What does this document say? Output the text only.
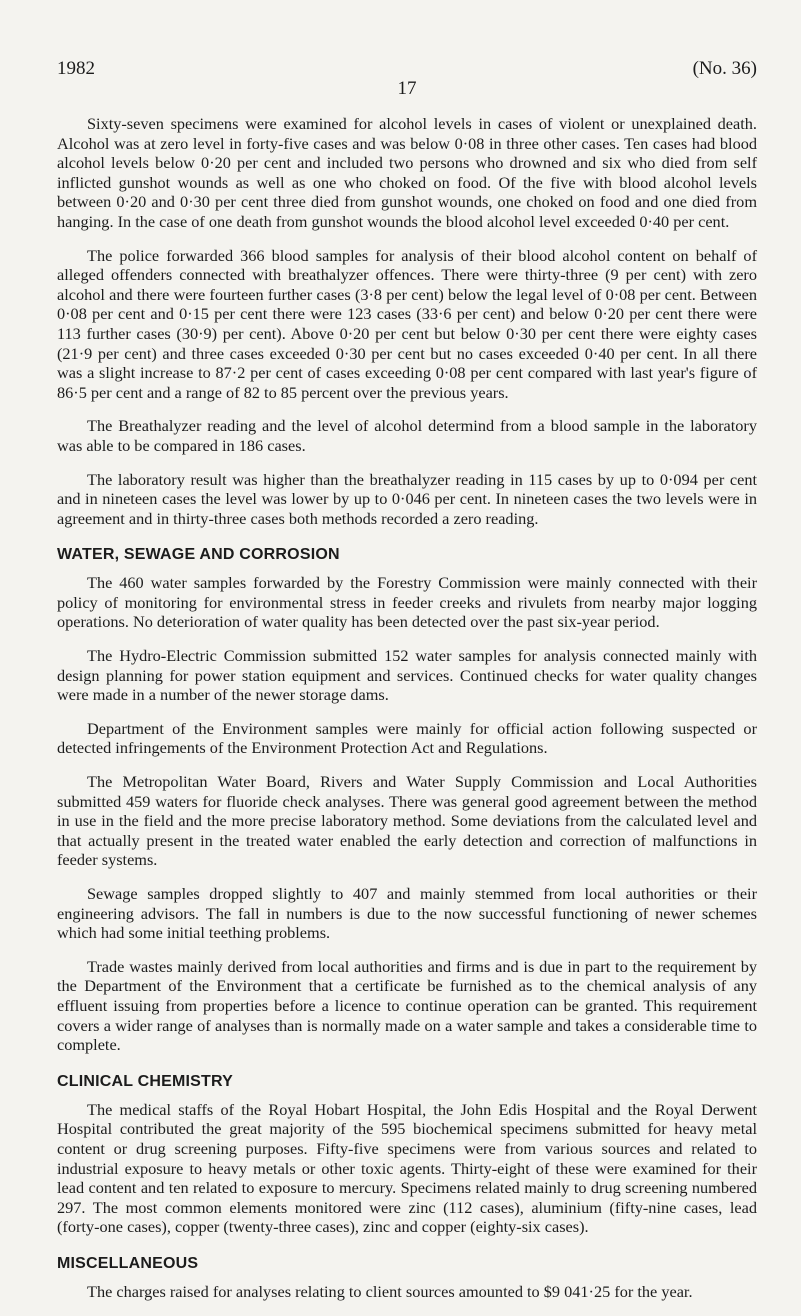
1982
17
(No. 36)

Sixty-seven specimens were examined for alcohol levels in cases of violent or unexplained death. Alcohol was at zero level in forty-five cases and was below 0·08 in three other cases. Ten cases had blood alcohol levels below 0·20 per cent and included two persons who drowned and six who died from self inflicted gunshot wounds as well as one who choked on food. Of the five with blood alcohol levels between 0·20 and 0·30 per cent three died from gunshot wounds, one choked on food and one died from hanging. In the case of one death from gunshot wounds the blood alcohol level exceeded 0·40 per cent.

The police forwarded 366 blood samples for analysis of their blood alcohol content on behalf of alleged offenders connected with breathalyzer offences. There were thirty-three (9 per cent) with zero alcohol and there were fourteen further cases (3·8 per cent) below the legal level of 0·08 per cent. Between 0·08 per cent and 0·15 per cent there were 123 cases (33·6 per cent) and below 0·20 per cent there were 113 further cases (30·9) per cent). Above 0·20 per cent but below 0·30 per cent there were eighty cases (21·9 per cent) and three cases exceeded 0·30 per cent but no cases exceeded 0·40 per cent. In all there was a slight increase to 87·2 per cent of cases exceeding 0·08 per cent compared with last year's figure of 86·5 per cent and a range of 82 to 85 percent over the previous years.

The Breathalyzer reading and the level of alcohol determind from a blood sample in the laboratory was able to be compared in 186 cases.

The laboratory result was higher than the breathalyzer reading in 115 cases by up to 0·094 per cent and in nineteen cases the level was lower by up to 0·046 per cent. In nineteen cases the two levels were in agreement and in thirty-three cases both methods recorded a zero reading.

WATER, SEWAGE AND CORROSION

The 460 water samples forwarded by the Forestry Commission were mainly connected with their policy of monitoring for environmental stress in feeder creeks and rivulets from nearby major logging operations. No deterioration of water quality has been detected over the past six-year period.

The Hydro-Electric Commission submitted 152 water samples for analysis connected mainly with design planning for power station equipment and services. Continued checks for water quality changes were made in a number of the newer storage dams.

Department of the Environment samples were mainly for official action following suspected or detected infringements of the Environment Protection Act and Regulations.

The Metropolitan Water Board, Rivers and Water Supply Commission and Local Authorities submitted 459 waters for fluoride check analyses. There was general good agreement between the method in use in the field and the more precise laboratory method. Some deviations from the calculated level and that actually present in the treated water enabled the early detection and correction of malfunctions in feeder systems.

Sewage samples dropped slightly to 407 and mainly stemmed from local authorities or their engineering advisors. The fall in numbers is due to the now successful functioning of newer schemes which had some initial teething problems.

Trade wastes mainly derived from local authorities and firms and is due in part to the requirement by the Department of the Environment that a certificate be furnished as to the chemical analysis of any effluent issuing from properties before a licence to continue operation can be granted. This requirement covers a wider range of analyses than is normally made on a water sample and takes a considerable time to complete.

CLINICAL CHEMISTRY

The medical staffs of the Royal Hobart Hospital, the John Edis Hospital and the Royal Derwent Hospital contributed the great majority of the 595 biochemical specimens submitted for heavy metal content or drug screening purposes. Fifty-five specimens were from various sources and related to industrial exposure to heavy metals or other toxic agents. Thirty-eight of these were examined for their lead content and ten related to exposure to mercury. Specimens related mainly to drug screening numbered 297. The most common elements monitored were zinc (112 cases), aluminium (fifty-nine cases, lead (forty-one cases), copper (twenty-three cases), zinc and copper (eighty-six cases).

MISCELLANEOUS

The charges raised for analyses relating to client sources amounted to $9 041·25 for the year.
